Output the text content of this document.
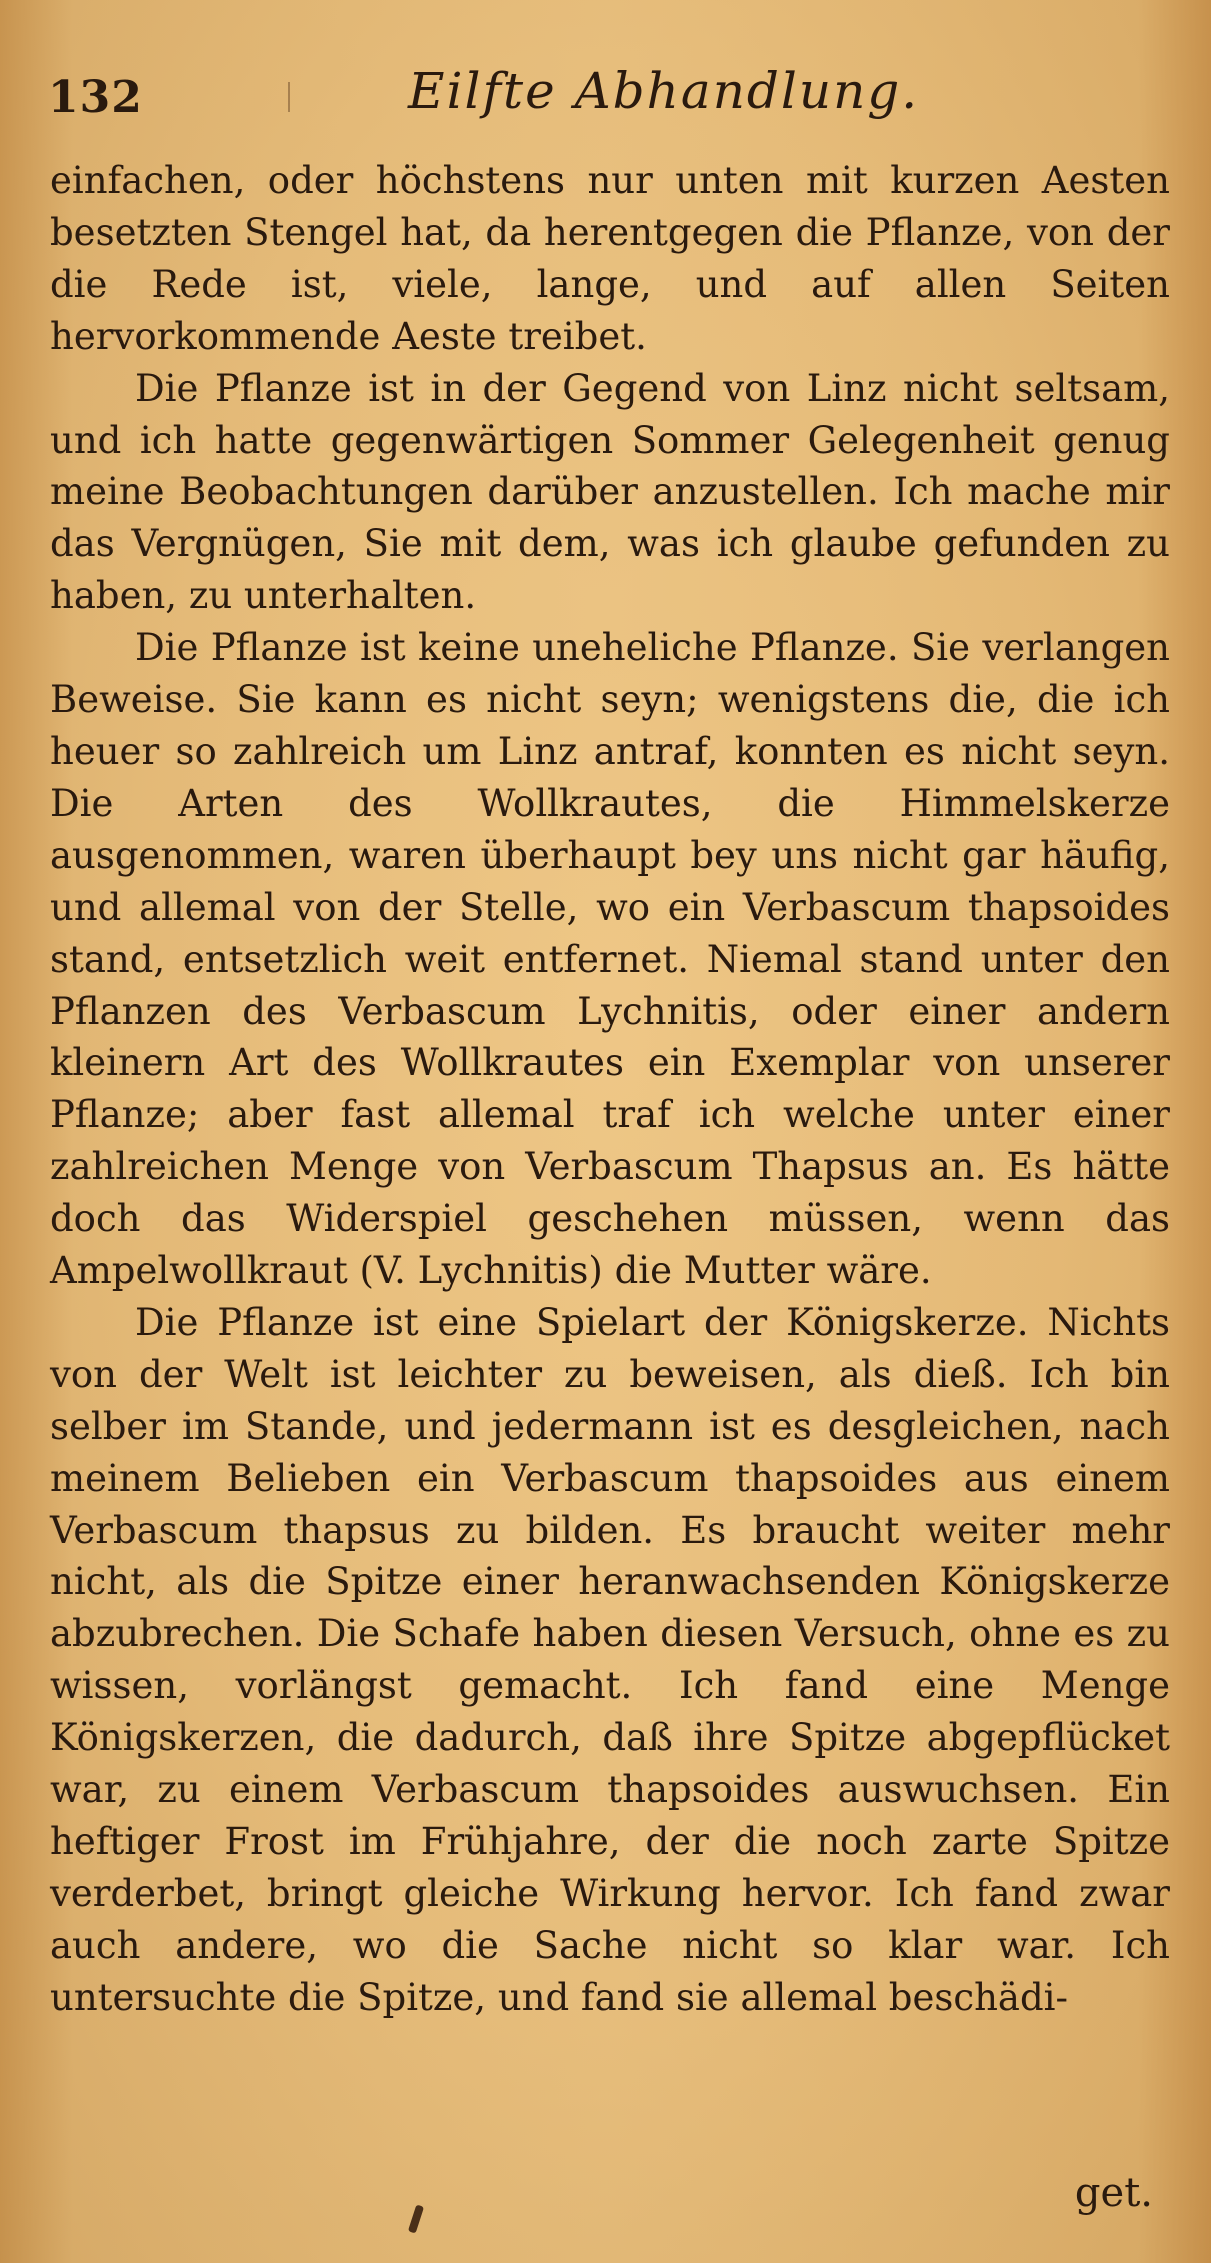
132	Eilfte Abhandlung.

einfachen, oder höchstens nur unten mit kurzen Aesten besetzten Stengel hat, da herentgegen die Pflanze, von der die Rede ist, viele, lange, und auf allen Seiten hervorkommende Aeste treibet.

Die Pflanze ist in der Gegend von Linz nicht seltsam, und ich hatte gegenwärtigen Sommer Gelegenheit genug meine Beobachtungen darüber anzustellen. Ich mache mir das Vergnügen, Sie mit dem, was ich glaube gefunden zu haben, zu unterhalten.

Die Pflanze ist keine uneheliche Pflanze. Sie verlangen Beweise. Sie kann es nicht seyn; wenigstens die, die ich heuer so zahlreich um Linz antraf, konnten es nicht seyn. Die Arten des Wollkrautes, die Himmelskerze ausgenommen, waren überhaupt bey uns nicht gar häufig, und allemal von der Stelle, wo ein Verbascum thapsoides stand, entsetzlich weit entfernet. Niemal stand unter den Pflanzen des Verbascum Lychnitis, oder einer andern kleinern Art des Wollkrautes ein Exemplar von unserer Pflanze; aber fast allemal traf ich welche unter einer zahlreichen Menge von Verbascum Thapsus an. Es hätte doch das Widerspiel geschehen müssen, wenn das Ampelwollkraut (V. Lychnitis) die Mutter wäre.

Die Pflanze ist eine Spielart der Königskerze. Nichts von der Welt ist leichter zu beweisen, als dieß. Ich bin selber im Stande, und jedermann ist es desgleichen, nach meinem Belieben ein Verbascum thapsoides aus einem Verbascum thapsus zu bilden. Es braucht weiter mehr nicht, als die Spitze einer heranwachsenden Königskerze abzubrechen. Die Schafe haben diesen Versuch, ohne es zu wissen, vorlängst gemacht. Ich fand eine Menge Königskerzen, die dadurch, daß ihre Spitze abgepflücket war, zu einem Verbascum thapsoides auswuchsen. Ein heftiger Frost im Frühjahre, der die noch zarte Spitze verderbet, bringt gleiche Wirkung hervor. Ich fand zwar auch andere, wo die Sache nicht so klar war. Ich untersuchte die Spitze, und fand sie allemal beschädi-

get.
